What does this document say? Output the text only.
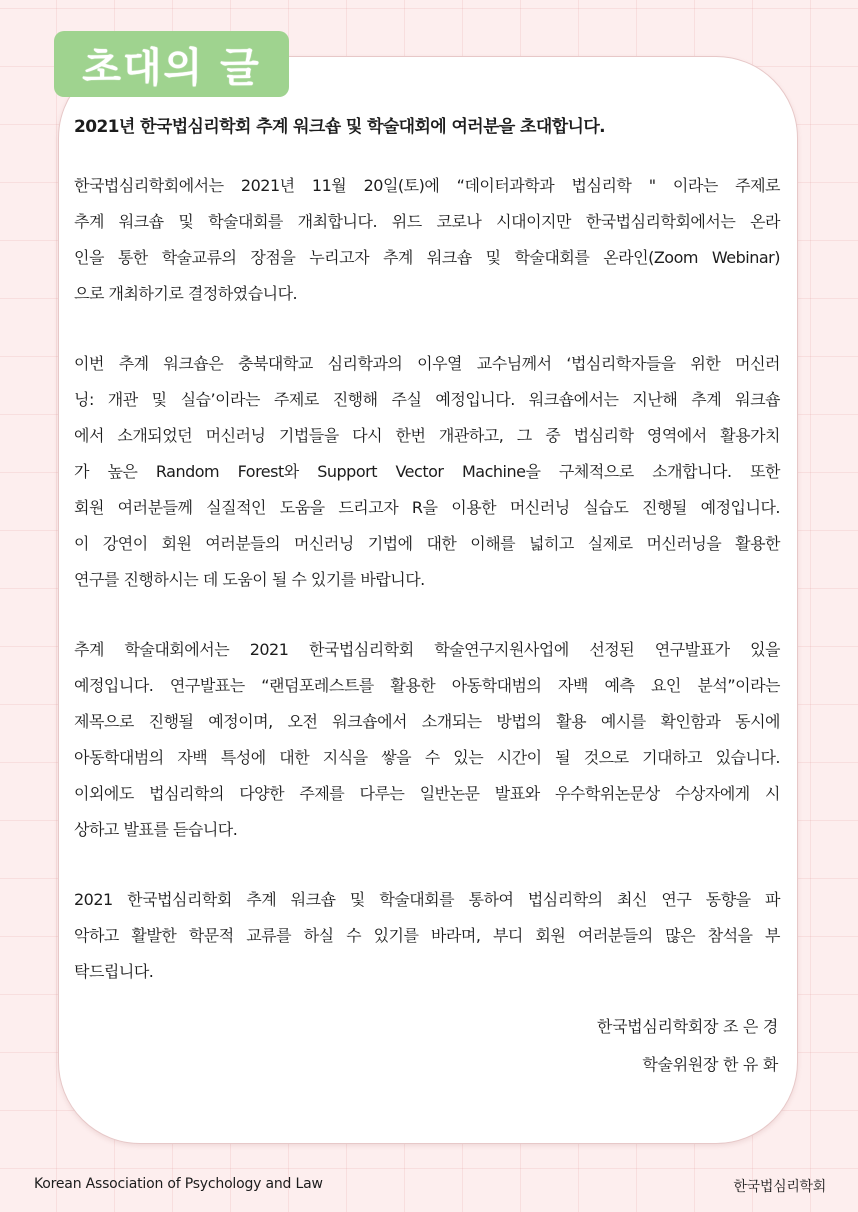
초대의 글
2021년 한국법심리학회 추계 워크숍 및 학술대회에 여러분을 초대합니다.
한국법심리학회에서는 2021년 11월 20일(토)에 “데이터과학과 법심리학 " 이라는 주제로
추계 워크숍 및 학술대회를 개최합니다. 위드 코로나 시대이지만 한국법심리학회에서는 온라
인을 통한 학술교류의 장점을 누리고자 추계 워크숍 및 학술대회를 온라인(Zoom Webinar)
으로 개최하기로 결정하였습니다.
이번 추계 워크숍은 충북대학교 심리학과의 이우열 교수님께서 ‘법심리학자들을 위한 머신러
닝: 개관 및 실습’이라는 주제로 진행해 주실 예정입니다. 워크숍에서는 지난해 추계 워크숍
에서 소개되었던 머신러닝 기법들을 다시 한번 개관하고, 그 중 법심리학 영역에서 활용가치
가 높은 Random Forest와 Support Vector Machine을 구체적으로 소개합니다. 또한
회원 여러분들께 실질적인 도움을 드리고자 R을 이용한 머신러닝 실습도 진행될 예정입니다.
이 강연이 회원 여러분들의 머신러닝 기법에 대한 이해를 넓히고 실제로 머신러닝을 활용한
연구를 진행하시는 데 도움이 될 수 있기를 바랍니다.
추계 학술대회에서는 2021 한국법심리학회 학술연구지원사업에 선정된 연구발표가 있을
예정입니다. 연구발표는 “랜덤포레스트를 활용한 아동학대범의 자백 예측 요인 분석”이라는
제목으로 진행될 예정이며, 오전 워크숍에서 소개되는 방법의 활용 예시를 확인함과 동시에
아동학대범의 자백 특성에 대한 지식을 쌓을 수 있는 시간이 될 것으로 기대하고 있습니다.
이외에도 법심리학의 다양한 주제를 다루는 일반논문 발표와 우수학위논문상 수상자에게 시
상하고 발표를 듣습니다.
2021 한국법심리학회 추계 워크숍 및 학술대회를 통하여 법심리학의 최신 연구 동향을 파
악하고 활발한 학문적 교류를 하실 수 있기를 바라며, 부디 회원 여러분들의 많은 참석을 부
탁드립니다.
한국법심리학회장 조 은 경
학술위원장 한 유 화
Korean Association of Psychology and Law	한국법심리학회
